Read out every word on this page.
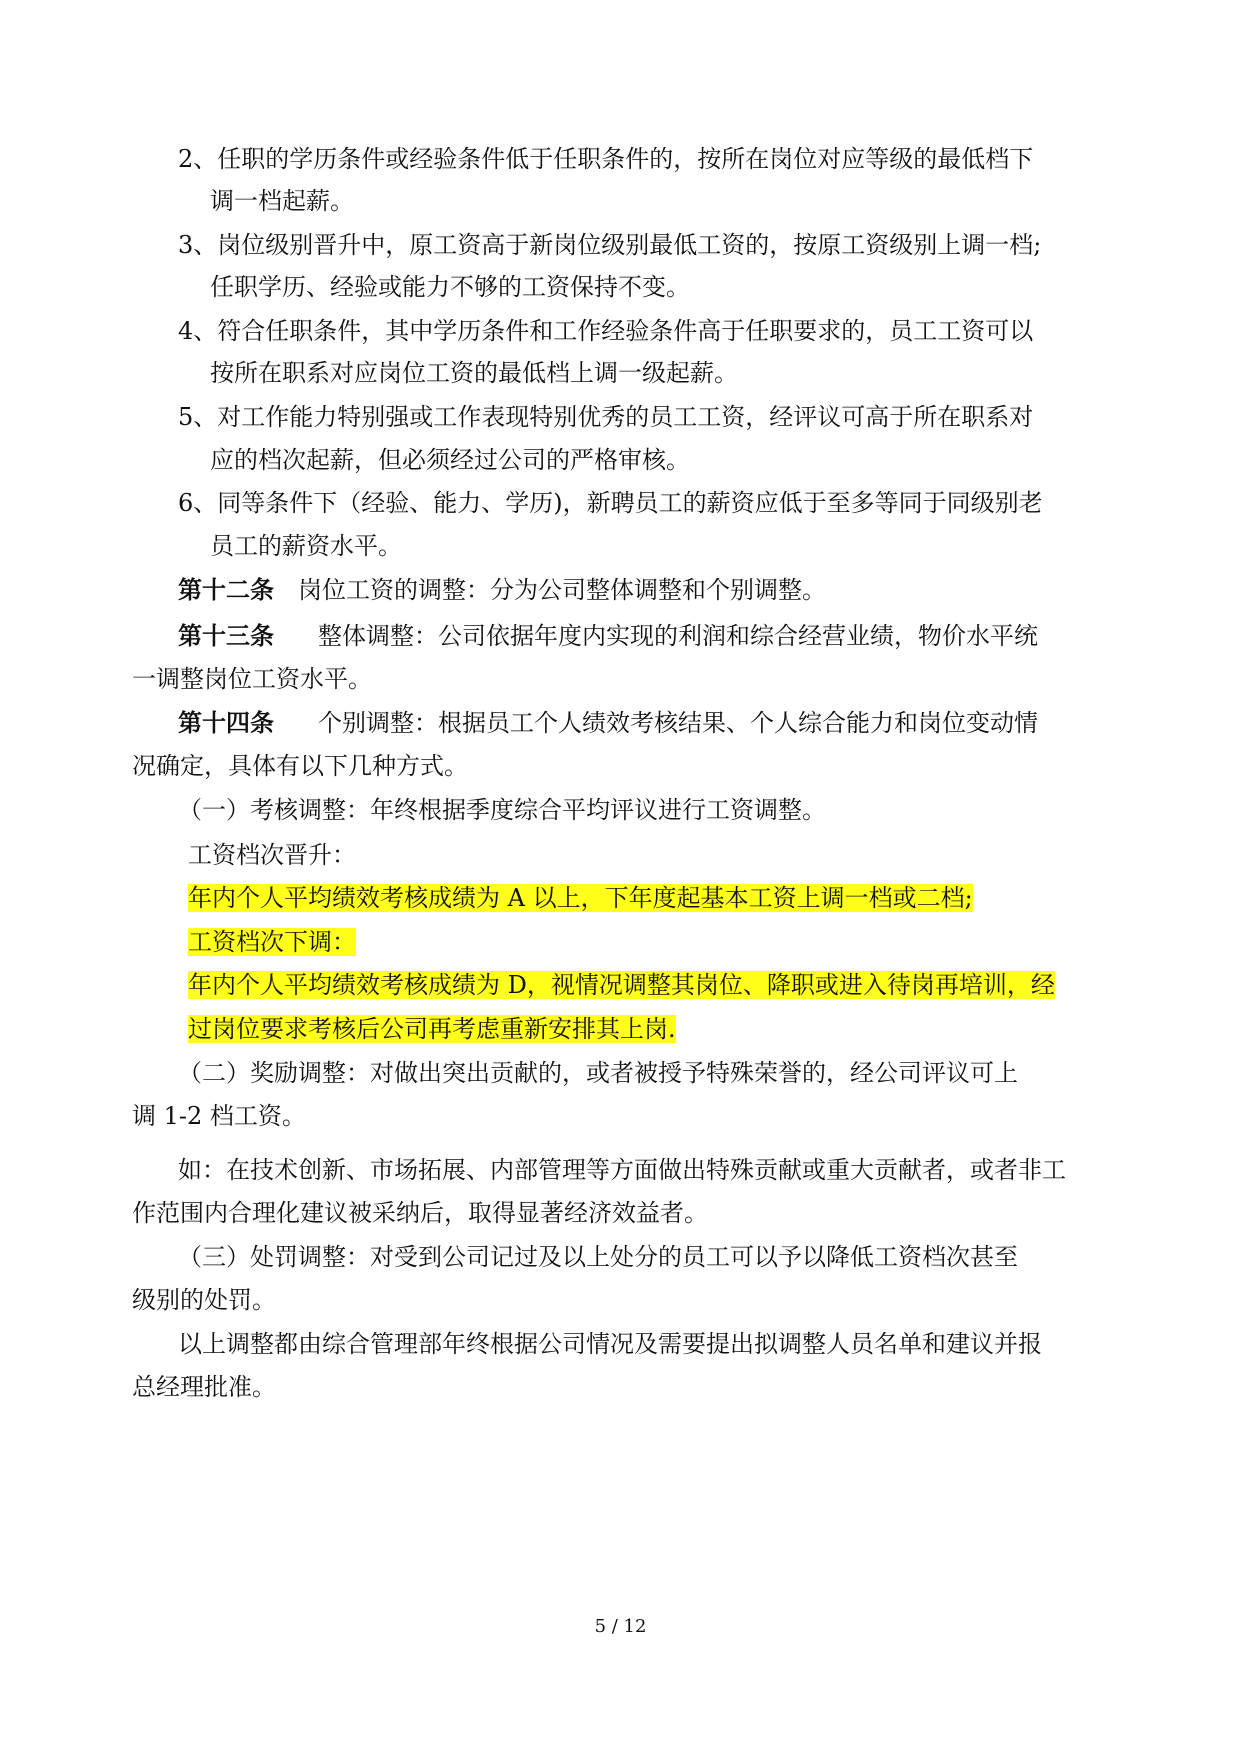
2、任职的学历条件或经验条件低于任职条件的，按所在岗位对应等级的最低档下
调一档起薪。
3、岗位级别晋升中，原工资高于新岗位级别最低工资的，按原工资级别上调一档;
任职学历、经验或能力不够的工资保持不变。
4、符合任职条件，其中学历条件和工作经验条件高于任职要求的，员工工资可以
按所在职系对应岗位工资的最低档上调一级起薪。
5、对工作能力特别强或工作表现特别优秀的员工工资，经评议可高于所在职系对
应的档次起薪，但必须经过公司的严格审核。
6、同等条件下（经验、能力、学历)，新聘员工的薪资应低于至多等同于同级别老
员工的薪资水平。
第十二条 岗位工资的调整：分为公司整体调整和个别调整。
第十三条 整体调整：公司依据年度内实现的利润和综合经营业绩，物价水平统
一调整岗位工资水平。
第十四条 个别调整：根据员工个人绩效考核结果、个人综合能力和岗位变动情
况确定，具体有以下几种方式。
（一）考核调整：年终根据季度综合平均评议进行工资调整。
工资档次晋升：
年内个人平均绩效考核成绩为 A 以上，下年度起基本工资上调一档或二档;
工资档次下调：
年内个人平均绩效考核成绩为 D，视情况调整其岗位、降职或进入待岗再培训，经
过岗位要求考核后公司再考虑重新安排其上岗.
（二）奖励调整：对做出突出贡献的，或者被授予特殊荣誉的，经公司评议可上
调 1-2 档工资。
如：在技术创新、市场拓展、内部管理等方面做出特殊贡献或重大贡献者，或者非工
作范围内合理化建议被采纳后，取得显著经济效益者。
（三）处罚调整：对受到公司记过及以上处分的员工可以予以降低工资档次甚至
级别的处罚。
以上调整都由综合管理部年终根据公司情况及需要提出拟调整人员名单和建议并报
总经理批准。
5 / 12
